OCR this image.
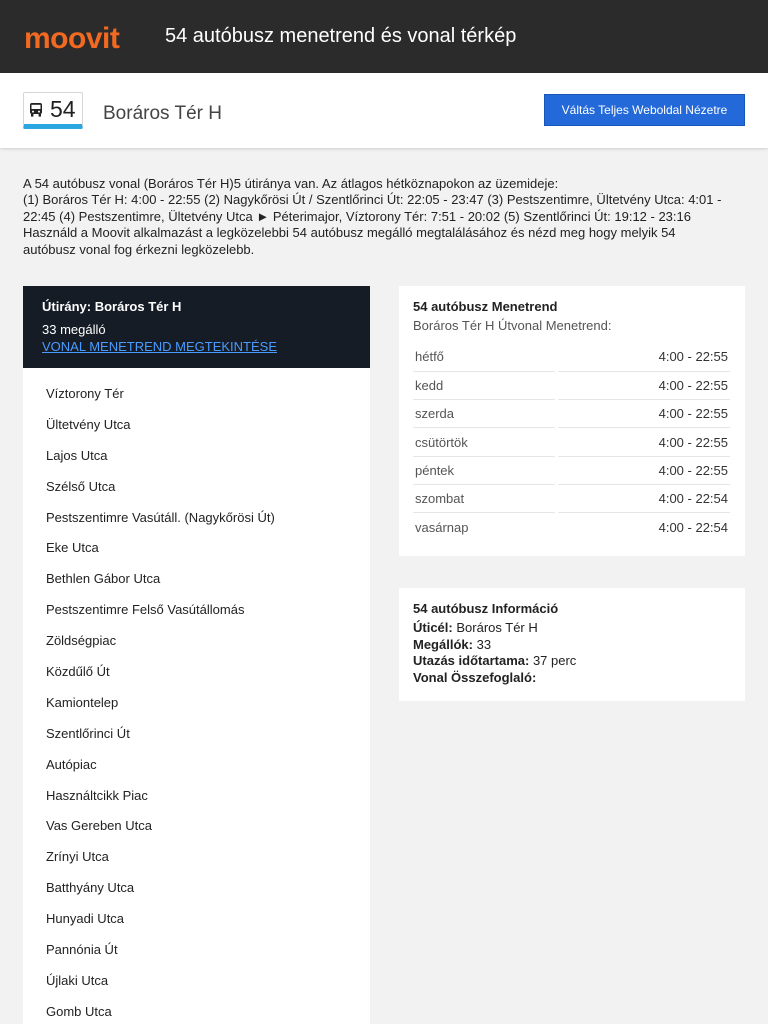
moovit 54 autóbusz menetrend és vonal térkép
54 Boráros Tér H	Váltás Teljes Weboldal Nézetre

A 54 autóbusz vonal (Boráros Tér H)5 útiránya van. Az átlagos hétköznapokon az üzemideje:

(1) Boráros Tér H: 4:00 - 22:55 (2) Nagykőrösi Út / Szentlőrinci Út: 22:05 - 23:47 (3) Pestszentimre, Ültetvény Utca: 4:01 -

22:45 (4) Pestszentimre, Ültetvény Utca ► Péterimajor, Víztorony Tér: 7:51 - 20:02 (5) Szentlőrinci Út: 19:12 - 23:16

Használd a Moovit alkalmazást a legközelebbi 54 autóbusz megálló megtalálásához és nézd meg hogy melyik 54

autóbusz vonal fog érkezni legközelebb.

Útirány: Boráros Tér H
33 megálló
VONAL MENETREND MEGTEKINTÉSE
Víztorony Tér
Ültetvény Utca
Lajos Utca
Szélső Utca
Pestszentimre Vasútáll. (Nagykőrösi Út)
Eke Utca
Bethlen Gábor Utca
Pestszentimre Felső Vasútállomás
Zöldségpiac
Közdűlő Út
Kamiontelep
Szentlőrinci Út
Autópiac
Használtcikk Piac
Vas Gereben Utca
Zrínyi Utca
Batthyány Utca
Hunyadi Utca
Pannónia Út
Újlaki Utca
Gomb Utca
54 autóbusz Menetrend
Boráros Tér H Útvonal Menetrend:
hétfő		4:00 - 22:55
kedd		4:00 - 22:55
szerda		4:00 - 22:55
csütörtök		4:00 - 22:55
péntek		4:00 - 22:55
szombat		4:00 - 22:54
vasárnap		4:00 - 22:54
54 autóbusz Információ
Úticél: Boráros Tér H
Megállók: 33
Utazás időtartama: 37 perc
Vonal Összefoglaló:
